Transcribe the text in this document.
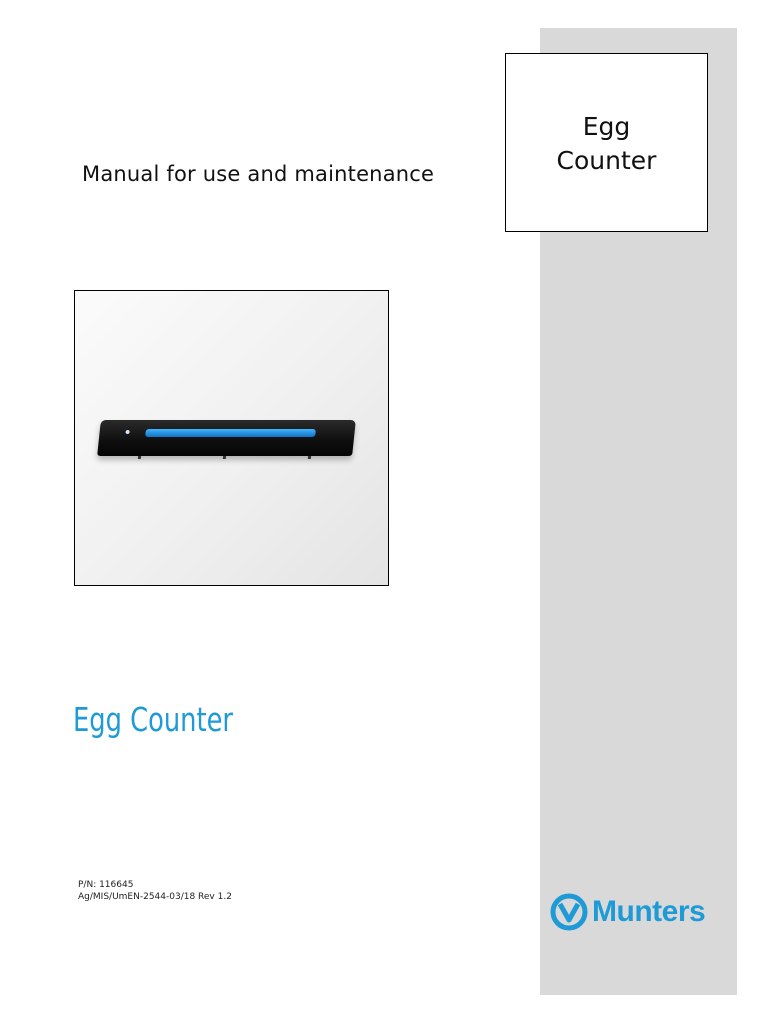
Egg
Counter
Manual for use and maintenance
Egg Counter
P/N: 116645
Ag/MIS/UmEN-2544-03/18 Rev 1.2	Munters
